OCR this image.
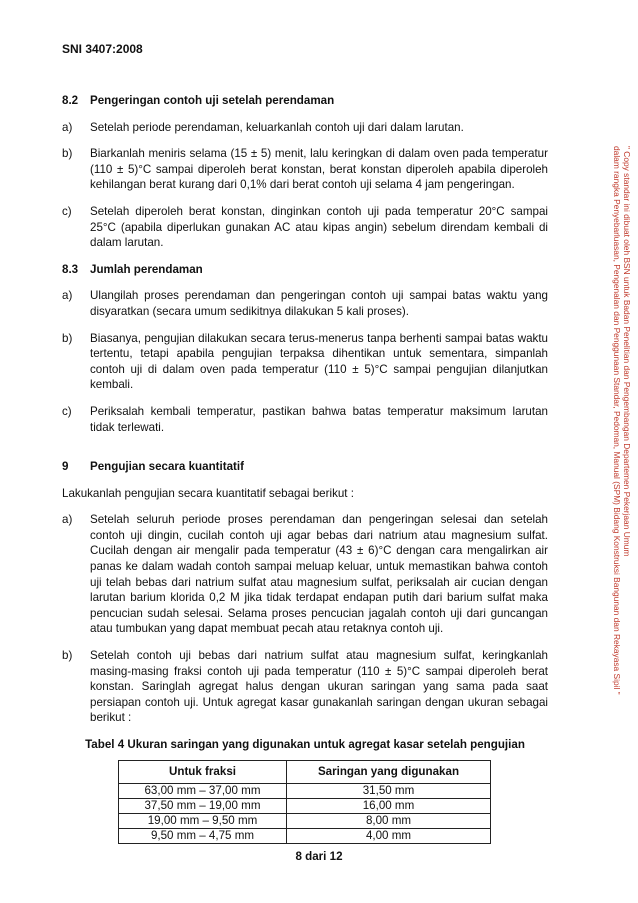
SNI 3407:2008
8.2 Pengeringan contoh uji setelah perendaman
a)	Setelah periode perendaman, keluarkanlah contoh uji dari dalam larutan.
b)	Biarkanlah meniris selama (15 ± 5) menit, lalu keringkan di dalam oven pada temperatur (110 ± 5)°C sampai diperoleh berat konstan, berat konstan diperoleh apabila diperoleh kehilangan berat kurang dari 0,1% dari berat contoh uji selama 4 jam pengeringan.
c)	Setelah diperoleh berat konstan, dinginkan contoh uji pada temperatur 20°C sampai 25°C (apabila diperlukan gunakan AC atau kipas angin) sebelum direndam kembali di dalam larutan.
8.3 Jumlah perendaman
a)	Ulangilah proses perendaman dan pengeringan contoh uji sampai batas waktu yang disyaratkan (secara umum sedikitnya dilakukan 5 kali proses).
b)	Biasanya, pengujian dilakukan secara terus-menerus tanpa berhenti sampai batas waktu tertentu, tetapi apabila pengujian terpaksa dihentikan untuk sementara, simpanlah contoh uji di dalam oven pada temperatur (110 ± 5)°C sampai pengujian dilanjutkan kembali.
c)	Periksalah kembali temperatur, pastikan bahwa batas temperatur maksimum larutan tidak terlewati.
9 Pengujian secara kuantitatif
Lakukanlah pengujian secara kuantitatif sebagai berikut :
a)	Setelah seluruh periode proses perendaman dan pengeringan selesai dan setelah contoh uji dingin, cucilah contoh uji agar bebas dari natrium atau magnesium sulfat. Cucilah dengan air mengalir pada temperatur (43 ± 6)°C dengan cara mengalirkan air panas ke dalam wadah contoh sampai meluap keluar, untuk memastikan bahwa contoh uji telah bebas dari natrium sulfat atau magnesium sulfat, periksalah air cucian dengan larutan barium klorida 0,2 M jika tidak terdapat endapan putih dari barium sulfat maka pencucian sudah selesai. Selama proses pencucian jagalah contoh uji dari guncangan atau tumbukan yang dapat membuat pecah atau retaknya contoh uji.
b)	Setelah contoh uji bebas dari natrium sulfat atau magnesium sulfat, keringkanlah masing-masing fraksi contoh uji pada temperatur (110 ± 5)°C sampai diperoleh berat konstan. Saringlah agregat halus dengan ukuran saringan yang sama pada saat persiapan contoh uji. Untuk agregat kasar gunakanlah saringan dengan ukuran sebagai berikut :
Tabel 4 Ukuran saringan yang digunakan untuk agregat kasar setelah pengujian
Untuk fraksi	Saringan yang digunakan
63,00 mm – 37,00 mm	31,50 mm
37,50 mm – 19,00 mm	16,00 mm
19,00 mm – 9,50 mm	8,00 mm
9,50 mm – 4,75 mm	4,00 mm
8 dari 12
" Copy standar ini dibuat oleh BSN untuk Badan Penelitian dan Pengembangan Departemen Pekerjaan Umum
dalam rangka Penyebarluasan, Pengenalan dan Penggunaan Standar, Pedoman, Manual (SPM) Bidang Konstruksi Bangunan dan Rekayasa Sipil "
